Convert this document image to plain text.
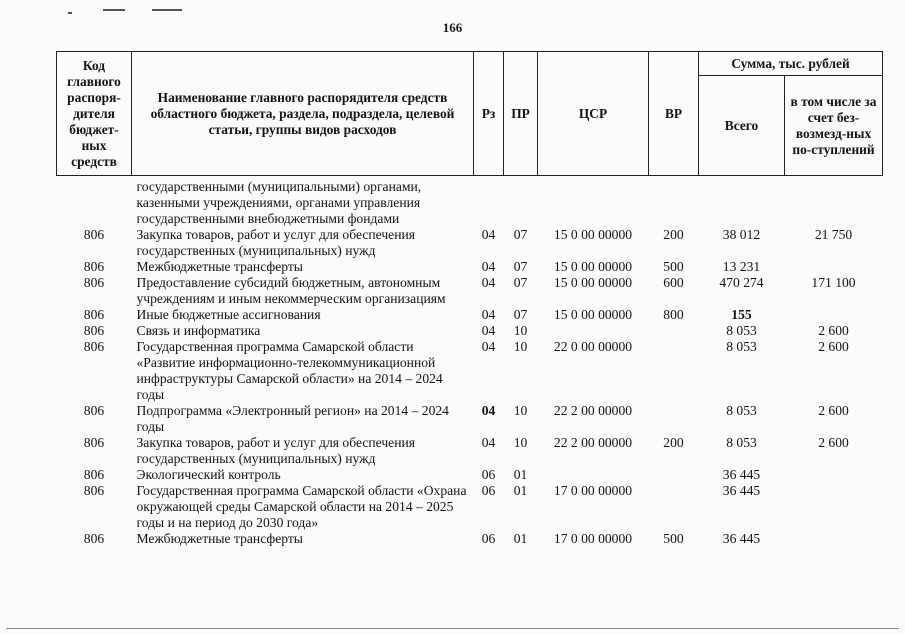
166
Код главного распоря-дителя бюджет-ных средств	Наименование главного распорядителя средств областного бюджета, раздела, подраздела, целевой статьи, группы видов расходов	Рз	ПР	ЦСР	ВР	Сумма, тыс. рублей	
						Всего	в том числе за счет без-возмезд-ных по-ступлений
	государственными (муниципальными) органами, казенными учреждениями, органами управления государственными внебюджетными фондами						
806	Закупка товаров, работ и услуг для обеспечения государственных (муниципальных) нужд	04	07	15 0 00 00000	200	38 012	21 750
806	Межбюджетные трансферты	04	07	15 0 00 00000	500	13 231	
806	Предоставление субсидий бюджетным, автономным учреждениям и иным некоммерческим организациям	04	07	15 0 00 00000	600	470 274	171 100
806	Иные бюджетные ассигнования	04	07	15 0 00 00000	800	155	
806	Связь и информатика	04	10			8 053	2 600
806	Государственная программа Самарской области «Развитие информационно-телекоммуникационной инфраструктуры Самарской области» на 2014 – 2024 годы	04	10	22 0 00 00000		8 053	2 600
806	Подпрограмма «Электронный регион» на 2014 – 2024 годы	04	10	22 2 00 00000		8 053	2 600
806	Закупка товаров, работ и услуг для обеспечения государственных (муниципальных) нужд	04	10	22 2 00 00000	200	8 053	2 600
806	Экологический контроль	06	01			36 445	
806	Государственная программа Самарской области «Охрана окружающей среды Самарской области на 2014 – 2025 годы и на период до 2030 года»	06	01	17 0 00 00000		36 445	
806	Межбюджетные трансферты	06	01	17 0 00 00000	500	36 445	
